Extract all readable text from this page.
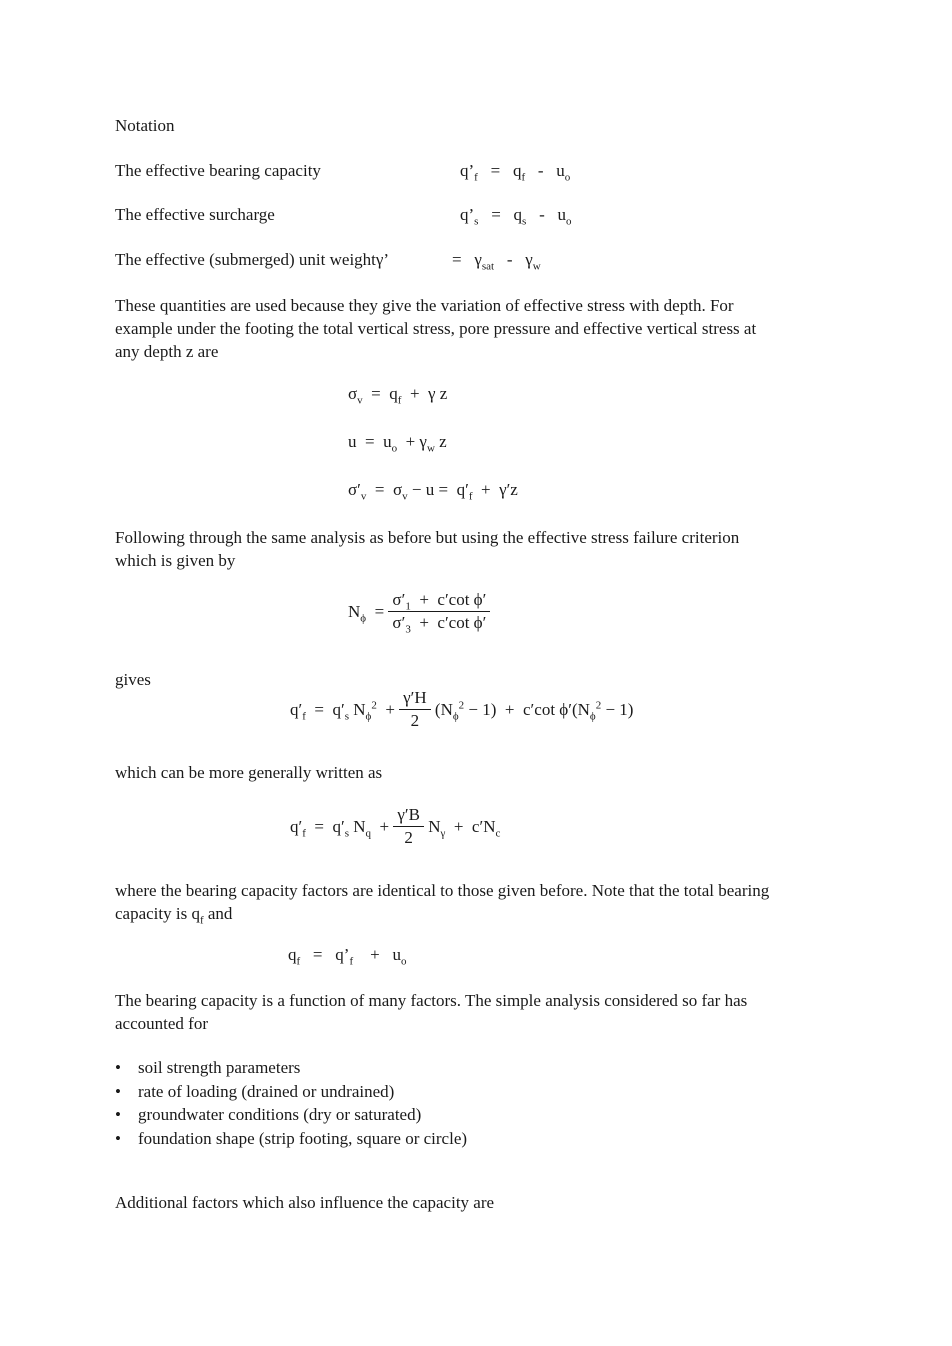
Notation
The effective bearing capacity	$q’_f = q_f - u_o$
The effective surcharge	$q’_s = q_s - u_o$
The effective (submerged) unit weightγ’	= $\gamma_{sat} - \gamma_w$
These quantities are used because they give the variation of effective stress with depth. For
example under the footing the total vertical stress, pore pressure and effective vertical stress at
any depth z are
$\sigma_v = q_f + \gamma$ z
$u = u_o + \gamma_w$ z
$\sigma'_v = \sigma_v - u = q'_f + \gamma'z$
Following through the same analysis as before but using the effective stress failure criterion
which is given by
$N_\phi = \frac{\sigma'_1 + c'\cot \phi'}{\sigma'_3 + c'\cot \phi'}$
gives
$q'_f = q'_s$ $N_\phi^2 + \frac{\gamma'H}{2} (N_\phi^2 - 1) + c'\cot$ $\phi'(N_\phi^2 - 1)$
which can be more generally written as
$q'_f = q'_s$ $N_q + \frac{\gamma'B}{2} N_\gamma + c'N_c$
where the bearing capacity factors are identical to those given before. Note that the total bearing
capacity is $q_f$ and
$q_f$ = $q’_f + u_o$
The bearing capacity is a function of many factors. The simple analysis considered so far has
accounted for
• soil strength parameters
• rate of loading (drained or undrained)
• groundwater conditions (dry or saturated)
• foundation shape (strip footing, square or circle)
Additional factors which also influence the capacity are
